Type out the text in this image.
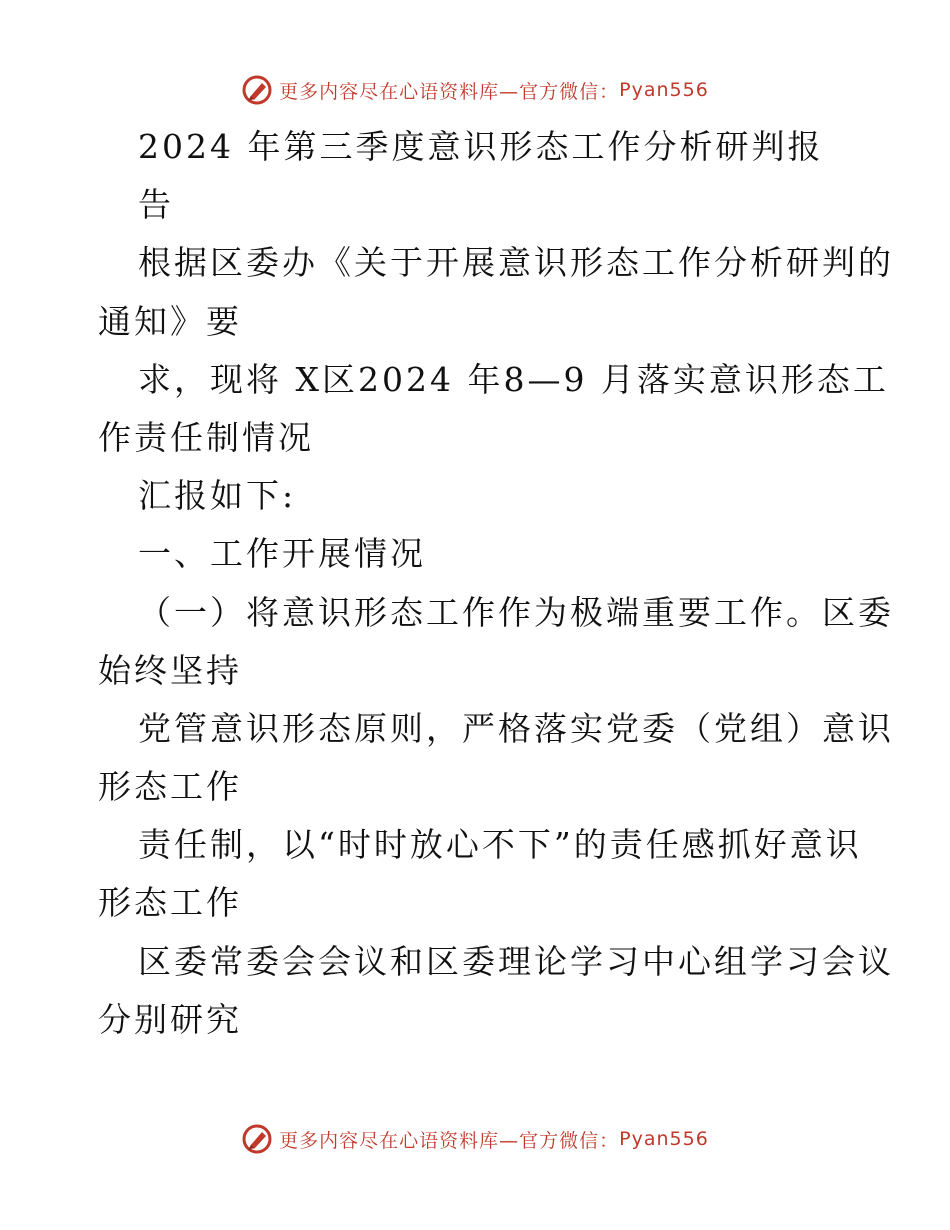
更多内容尽在心语资料库—官方微信： Pyan556
2024 年第三季度意识形态工作分析研判报
告
根据区委办《关于开展意识形态工作分析研判的
通知》要
求，现将 X区2024 年8—9 月落实意识形态工
作责任制情况
汇报如下:
一、工作开展情况
（一）将意识形态工作作为极端重要工作。区委
始终坚持
党管意识形态原则，严格落实党委（党组）意识
形态工作
责任制，以“时时放心不下”的责任感抓好意识
形态工作
区委常委会会议和区委理论学习中心组学习会议
分别研究
更多内容尽在心语资料库—官方微信： Pyan556
